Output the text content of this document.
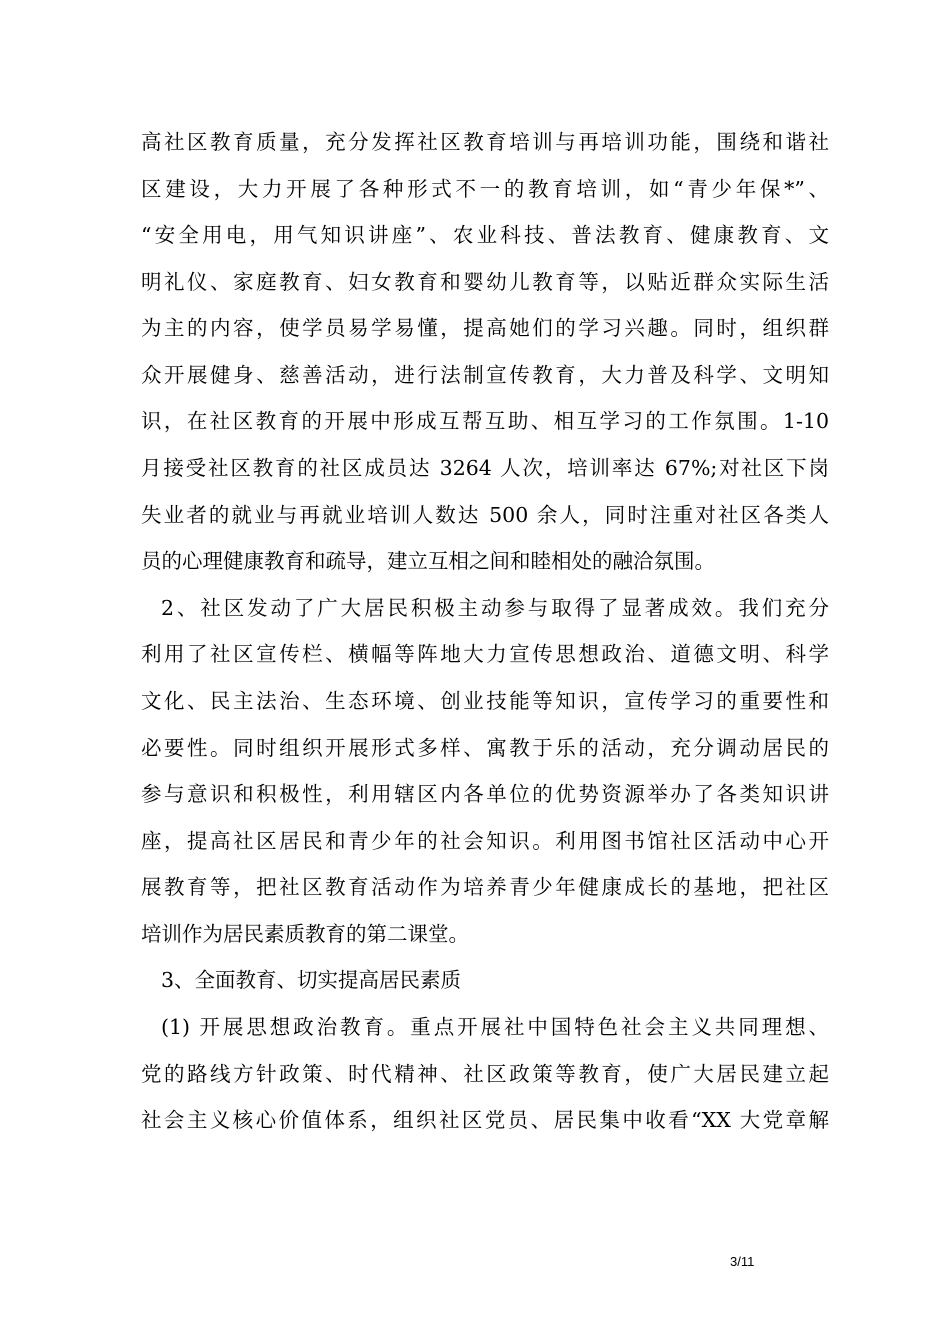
高社区教育质量，充分发挥社区教育培训与再培训功能，围绕和谐社
区建设，大力开展了各种形式不一的教育培训，如“青少年保*”、
“安全用电，用气知识讲座”、农业科技、普法教育、健康教育、文
明礼仪、家庭教育、妇女教育和婴幼儿教育等，以贴近群众实际生活
为主的内容，使学员易学易懂，提高她们的学习兴趣。同时，组织群
众开展健身、慈善活动，进行法制宣传教育，大力普及科学、文明知
识，在社区教育的开展中形成互帮互助、相互学习的工作氛围。1-10
月接受社区教育的社区成员达 3264 人次，培训率达 67%;对社区下岗
失业者的就业与再就业培训人数达 500 余人，同时注重对社区各类人
员的心理健康教育和疏导，建立互相之间和睦相处的融洽氛围。
2、社区发动了广大居民积极主动参与取得了显著成效。我们充分
利用了社区宣传栏、横幅等阵地大力宣传思想政治、道德文明、科学
文化、民主法治、生态环境、创业技能等知识，宣传学习的重要性和
必要性。同时组织开展形式多样、寓教于乐的活动，充分调动居民的
参与意识和积极性，利用辖区内各单位的优势资源举办了各类知识讲
座，提高社区居民和青少年的社会知识。利用图书馆社区活动中心开
展教育等，把社区教育活动作为培养青少年健康成长的基地，把社区
培训作为居民素质教育的第二课堂。
3、全面教育、切实提高居民素质
(1) 开展思想政治教育。重点开展社中国特色社会主义共同理想、
党的路线方针政策、时代精神、社区政策等教育，使广大居民建立起
社会主义核心价值体系，组织社区党员、居民集中收看“XX 大党章解
3/11
